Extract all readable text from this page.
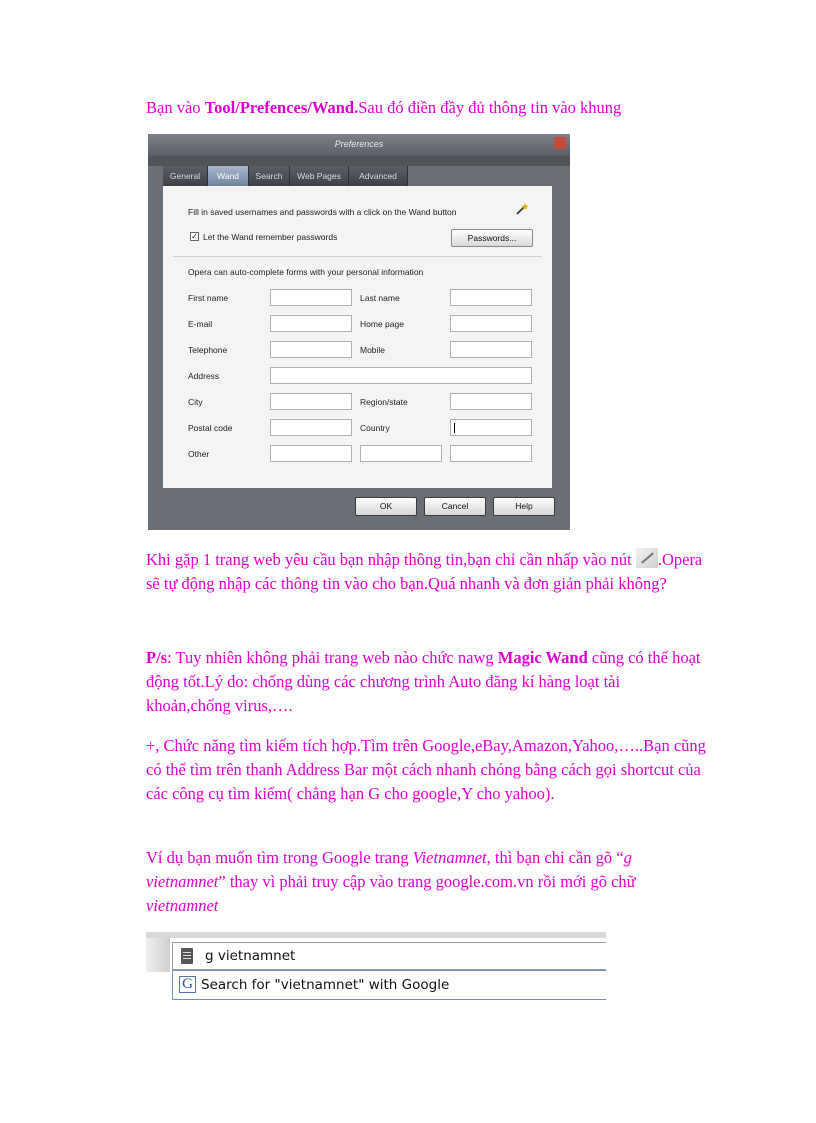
Bạn vào Tool/Prefences/Wand.Sau đó điền đầy đủ thông tin vào khung
Preferences
General	Wand	Search	Web Pages	Advanced
Fill in saved usernames and passwords with a click on the Wand button
✓ Let the Wand remember passwords	Passwords...
Opera can auto-complete forms with your personal information
First name	Last name
E-mail	Home page
Telephone	Mobile
Address
City	Region/state
Postal code	Country
Other
OK	Cancel	Help
Khi gặp 1 trang web yêu cầu bạn nhập thông tin,bạn chỉ cần nhấp vào nút .Opera sẽ tự động nhập các thông tin vào cho bạn.Quá nhanh và đơn giản phải không?
P/s: Tuy nhiên không phải trang web nào chức nawg Magic Wand cũng có thể hoạt động tốt.Lý do: chống dùng các chương trình Auto đăng kí hàng loạt tài khoản,chống virus,….
+, Chức năng tìm kiếm tích hợp.Tìm trên Google,eBay,Amazon,Yahoo,…..Bạn cũng có thể tìm trên thanh Address Bar một cách nhanh chóng bằng cách gọi shortcut của các công cụ tìm kiếm( chẳng hạn G cho google,Y cho yahoo).
Ví dụ bạn muốn tìm trong Google trang Vietnamnet, thì bạn chỉ cần gõ “g vietnamnet” thay vì phải truy cập vào trang google.com.vn rồi mới gõ chữ vietnamnet
g vietnamnet
G Search for "vietnamnet" with Google
